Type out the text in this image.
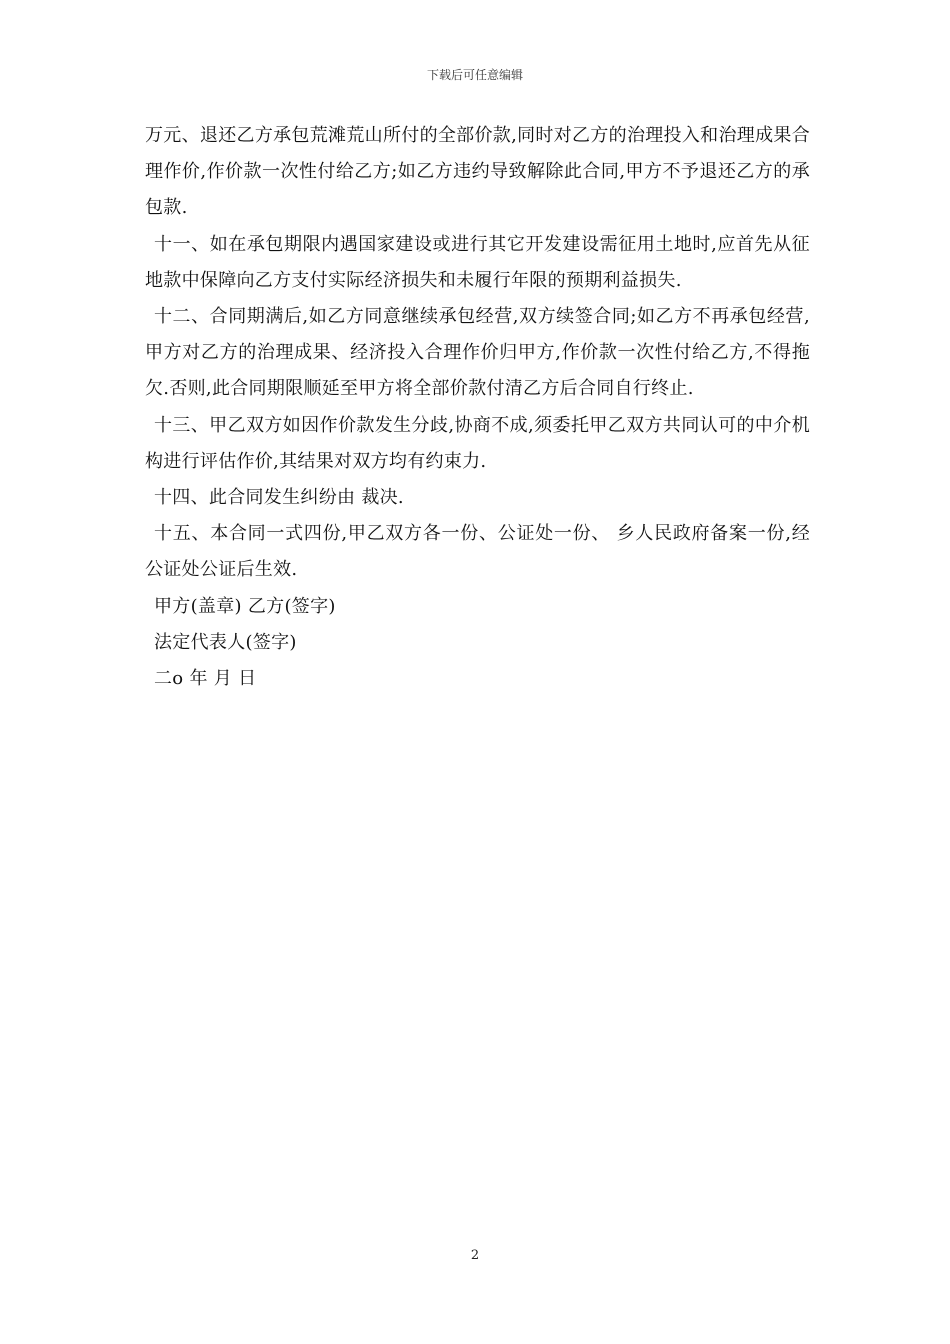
下载后可任意编辑

万元、退还乙方承包荒滩荒山所付的全部价款,同时对乙方的治理投入和治理成果合理作价,作价款一次性付给乙方;如乙方违约导致解除此合同,甲方不予退还乙方的承包款.

十一、如在承包期限内遇国家建设或进行其它开发建设需征用土地时,应首先从征地款中保障向乙方支付实际经济损失和未履行年限的预期利益损失.

十二、合同期满后,如乙方同意继续承包经营,双方续签合同;如乙方不再承包经营,甲方对乙方的治理成果、经济投入合理作价归甲方,作价款一次性付给乙方,不得拖欠.否则,此合同期限顺延至甲方将全部价款付清乙方后合同自行终止.

十三、甲乙双方如因作价款发生分歧,协商不成,须委托甲乙双方共同认可的中介机构进行评估作价,其结果对双方均有约束力.

十四、此合同发生纠纷由 裁决.

十五、本合同一式四份,甲乙双方各一份、公证处一份、 乡人民政府备案一份,经 公证处公证后生效.

甲方(盖章) 乙方(签字)

法定代表人(签字)

二o 年 月 日

2
